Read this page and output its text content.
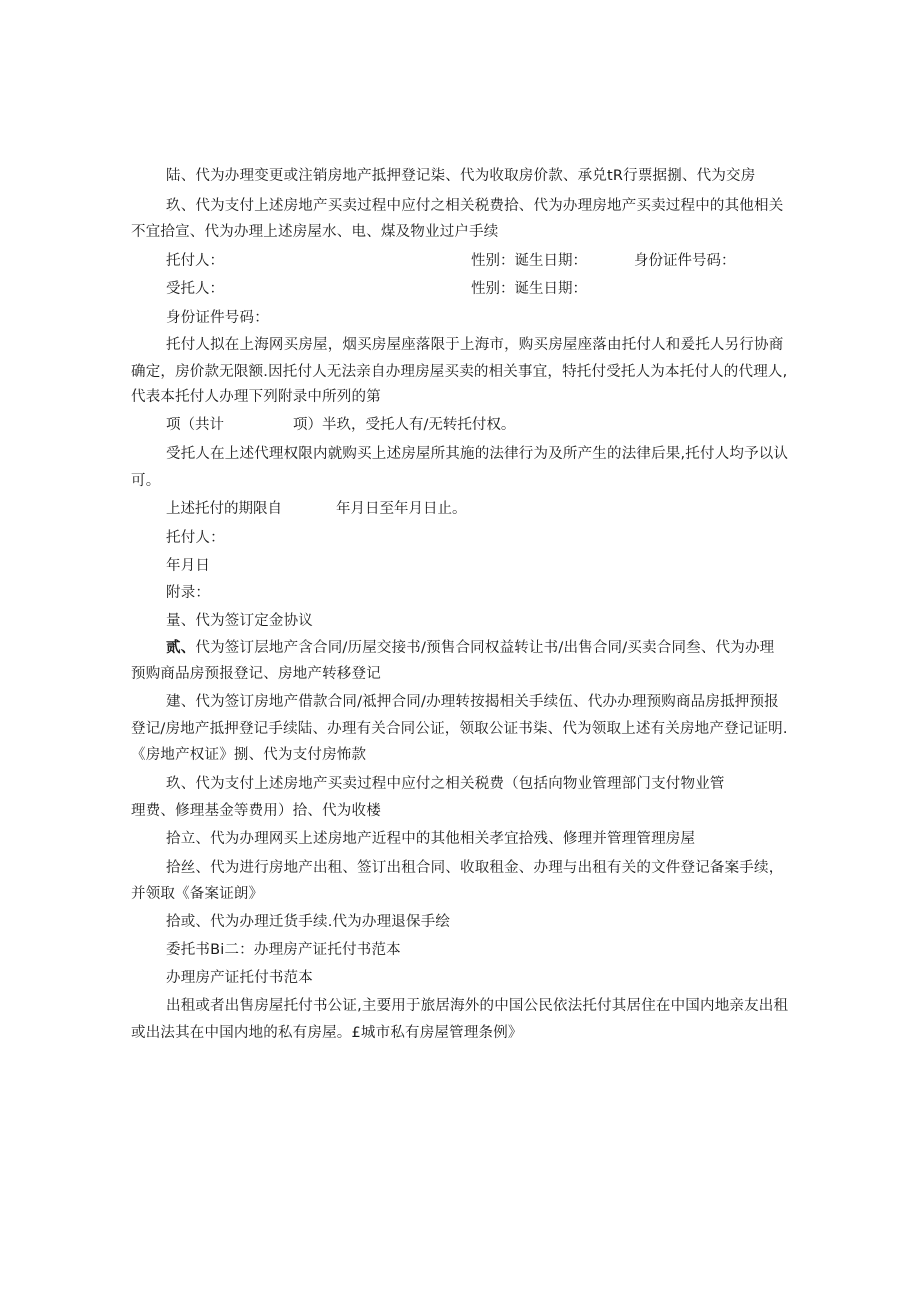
陆、代为办理变更或注销房地产抵押登记柒、代为收取房价款、承兑tR行票据捌、代为交房
玖、代为支付上述房地产买卖过程中应付之相关税费拾、代为办理房地产买卖过程中的其他相关
不宜拾宣、代为办理上述房屋水、电、煤及物业过户手续
托付人：	性别：诞生日期：	身份证件号码：
受托人：	性别：诞生日期：
身份证件号码：
托付人拟在上海网买房屋，烟买房屋座落限于上海市，购买房屋座落由托付人和爰托人另行协商
确定，房价款无限额.因托付人无法亲自办理房屋买卖的相关事宜，特托付受托人为本托付人的代理人,
代表本托付人办理下列附录中所列的第
项（共计	项）半玖，受托人有/无转托付权。
受托人在上述代理权限内就购买上述房屋所其施的法律行为及所产生的法律后果,托付人均予以认
可。
上述托付的期限自	年月日至年月日止。
托付人：
年月日
附录：
量、代为签订定金协议
贰、代为签订层地产含合同/历屋交接书/预售合同权益转让书/出售合同/买卖合同叁、代为办理
预购商品房预报登记、房地产转移登记
建、代为签订房地产借款合同/祗押合同/办理转按揭相关手续伍、代办办理预购商品房抵押预报
登记/房地产抵押登记手续陆、办理有关合同公证，领取公证书柒、代为领取上述有关房地产登记证明.
《房地产权证》捌、代为支付房怖款
玖、代为支付上述房地产买卖过程中应付之相关税费（包括向物业管理部门支付物业管
理费、修理基金等费用）拾、代为收楼
拾立、代为办理网买上述房地产近程中的其他相关孝宜拾残、修理并管理管理房屋
拾丝、代为进行房地产出租、签订出租合同、收取租金、办理与出租有关的文件登记备案手续，
并领取《备案证朗》
拾或、代为办理迁货手续.代为办理退保手绘
委托书Bi二：办理房产证托付书范本
办理房产证托付书范本
出租或者出售房屋托付书公证,主要用于旅居海外的中国公民依法托付其居住在中国内地亲友出租
或出法其在中国内地的私有房屋。£城市私有房屋管理条例》
